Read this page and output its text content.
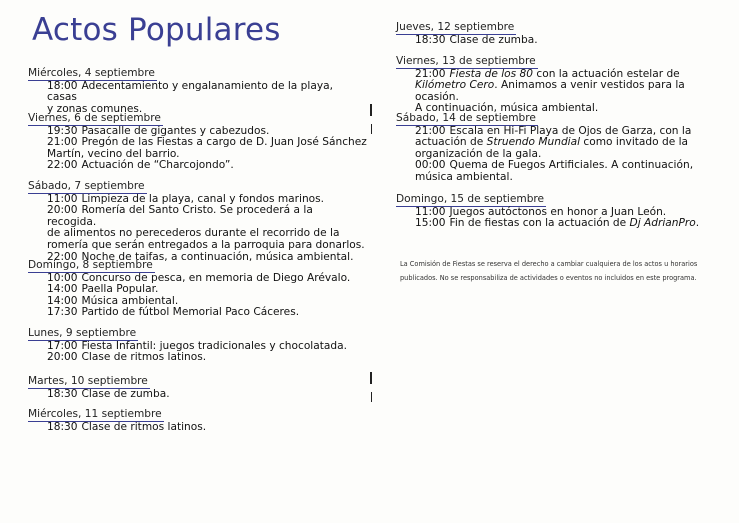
Actos Populares
Miércoles, 4 septiembre
18:00 Adecentamiento y engalanamiento de la playa, casas
y zonas comunes.
Viernes, 6 de septiembre
19:30 Pasacalle de gigantes y cabezudos.
21:00 Pregón de las Fiestas a cargo de D. Juan José Sánchez
Martín, vecino del barrio.
22:00 Actuación de “Charcojondo”.
Sábado, 7 septiembre
11:00 Limpieza de la playa, canal y fondos marinos.
20:00 Romería del Santo Cristo. Se procederá a la recogida.
de alimentos no perecederos durante el recorrido de la romería que serán entregados a la parroquia para donarlos.
22:00 Noche de taifas, a continuación, música ambiental.
Domingo, 8 septiembre
10:00 Concurso de pesca, en memoria de Diego Arévalo.
14:00 Paella Popular.
14:00 Música ambiental.
17:30 Partido de fútbol Memorial Paco Cáceres.
Lunes, 9 septiembre
17:00 Fiesta Infantil: juegos tradicionales y chocolatada.
20:00 Clase de ritmos latinos.
Martes, 10 septiembre
18:30 Clase de zumba.
Miércoles, 11 septiembre
18:30 Clase de ritmos latinos.
Jueves, 12 septiembre
18:30 Clase de zumba.
Viernes, 13 de septiembre
21:00 Fiesta de los 80 con la actuación estelar de Kilómetro Cero. Animamos a venir vestidos para la ocasión.
A continuación, música ambiental.
Sábado, 14 de septiembre
21:00 Escala en Hi-Fi Playa de Ojos de Garza, con la actuación de Struendo Mundial como invitado de la organización de la gala.
00:00 Quema de Fuegos Artificiales. A continuación, música ambiental.
Domingo, 15 de septiembre
11:00 Juegos autóctonos en honor a Juan León.
15:00 Fin de fiestas con la actuación de Dj AdrianPro.
La Comisión de Fiestas se reserva el derecho a cambiar cualquiera de los actos u horarios publicados. No se responsabiliza de actividades o eventos no incluidos en este programa.
